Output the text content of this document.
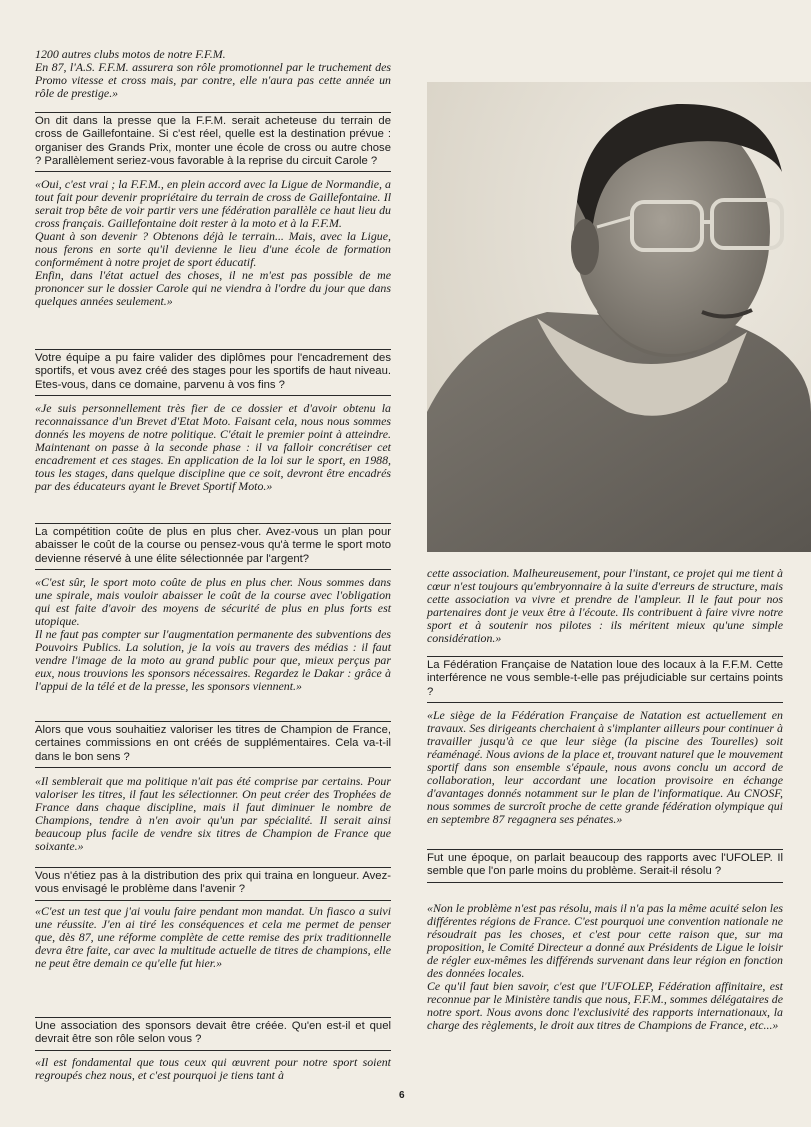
1200 autres clubs motos de notre F.F.M.
En 87, l'A.S. F.F.M. assurera son rôle promotionnel par le truchement des Promo vitesse et cross mais, par contre, elle n'aura pas cette année un rôle de prestige.»
On dit dans la presse que la F.F.M. serait acheteuse du terrain de cross de Gaillefontaine. Si c'est réel, quelle est la destination prévue : organiser des Grands Prix, monter une école de cross ou autre chose ? Parallèlement seriez-vous favorable à la reprise du circuit Carole ?
«Oui, c'est vrai ; la F.F.M., en plein accord avec la Ligue de Normandie, a tout fait pour devenir propriétaire du terrain de cross de Gaillefontaine. Il serait trop bête de voir partir vers une fédération parallèle ce haut lieu du cross français. Gaillefontaine doit rester à la moto et à la F.F.M.
Quant à son devenir ? Obtenons déjà le terrain... Mais, avec la Ligue, nous ferons en sorte qu'il devienne le lieu d'une école de formation conformément à notre projet de sport éducatif.
Enfin, dans l'état actuel des choses, il ne m'est pas possible de me prononcer sur le dossier Carole qui ne viendra à l'ordre du jour que dans quelques années seulement.»
Votre équipe a pu faire valider des diplômes pour l'encadrement des sportifs, et vous avez créé des stages pour les sportifs de haut niveau. Etes-vous, dans ce domaine, parvenu à vos fins ?
«Je suis personnellement très fier de ce dossier et d'avoir obtenu la reconnaissance d'un Brevet d'Etat Moto. Faisant cela, nous nous sommes donnés les moyens de notre politique. C'était le premier point à atteindre. Maintenant on passe à la seconde phase : il va falloir concrétiser cet encadrement et ces stages. En application de la loi sur le sport, en 1988, tous les stages, dans quelque discipline que ce soit, devront être encadrés par des éducateurs ayant le Brevet Sportif Moto.»
La compétition coûte de plus en plus cher. Avez-vous un plan pour abaisser le coût de la course ou pensez-vous qu'à terme le sport moto devienne réservé à une élite sélectionnée par l'argent?
«C'est sûr, le sport moto coûte de plus en plus cher. Nous sommes dans une spirale, mais vouloir abaisser le coût de la course avec l'obligation qui est faite d'avoir des moyens de sécurité de plus en plus forts est utopique.
Il ne faut pas compter sur l'augmentation permanente des subventions des Pouvoirs Publics. La solution, je la vois au travers des médias : il faut vendre l'image de la moto au grand public pour que, mieux perçus par eux, nous trouvions les sponsors nécessaires. Regardez le Dakar : grâce à l'appui de la télé et de la presse, les sponsors viennent.»
Alors que vous souhaitiez valoriser les titres de Champion de France, certaines commissions en ont créés de supplémentaires. Cela va-t-il dans le bon sens ?
«Il semblerait que ma politique n'ait pas été comprise par certains. Pour valoriser les titres, il faut les sélectionner. On peut créer des Trophées de France dans chaque discipline, mais il faut diminuer le nombre de Champions, tendre à n'en avoir qu'un par spécialité. Il serait ainsi beaucoup plus facile de vendre six titres de Champion de France que soixante.»
Vous n'étiez pas à la distribution des prix qui traina en longueur. Avez-vous envisagé le problème dans l'avenir ?
«C'est un test que j'ai voulu faire pendant mon mandat. Un fiasco a suivi une réussite. J'en ai tiré les conséquences et cela me permet de penser que, dès 87, une réforme complète de cette remise des prix traditionnelle devra être faite, car avec la multitude actuelle de titres de champions, elle ne peut être demain ce qu'elle fut hier.»
Une association des sponsors devait être créée. Qu'en est-il et quel devrait être son rôle selon vous ?
«Il est fondamental que tous ceux qui œuvrent pour notre sport soient regroupés chez nous, et c'est pourquoi je tiens tant à
cette association. Malheureusement, pour l'instant, ce projet qui me tient à cœur n'est toujours qu'embryonnaire à la suite d'erreurs de structure, mais cette association va vivre et prendre de l'ampleur. Il le faut pour nos partenaires dont je veux être à l'écoute. Ils contribuent à faire vivre notre sport et à soutenir nos pilotes : ils méritent mieux qu'une simple considération.»
La Fédération Française de Natation loue des locaux à la F.F.M. Cette interférence ne vous semble-t-elle pas préjudiciable sur certains points ?
«Le siège de la Fédération Française de Natation est actuellement en travaux. Ses dirigeants cherchaient à s'implanter ailleurs pour continuer à travailler jusqu'à ce que leur siège (la piscine des Tourelles) soit réaménagé. Nous avions de la place et, trouvant naturel que le mouvement sportif dans son ensemble s'épaule, nous avons conclu un accord de collaboration, leur accordant une location provisoire en échange d'avantages donnés notamment sur le plan de l'informatique. Au CNOSF, nous sommes de surcroît proche de cette grande fédération olympique qui en septembre 87 regagnera ses pénates.»
Fut une époque, on parlait beaucoup des rapports avec l'UFOLEP. Il semble que l'on parle moins du problème. Serait-il résolu ?
«Non le problème n'est pas résolu, mais il n'a pas la même acuité selon les différentes régions de France. C'est pourquoi une convention nationale ne résoudrait pas les choses, et c'est pour cette raison que, sur ma proposition, le Comité Directeur a donné aux Présidents de Ligue le loisir de régler eux-mêmes les différends survenant dans leur région en fonction des données locales.
Ce qu'il faut bien savoir, c'est que l'UFOLEP, Fédération affinitaire, est reconnue par le Ministère tandis que nous, F.F.M., sommes délégataires de notre sport. Nous avons donc l'exclusivité des rapports internationaux, la charge des règlements, le droit aux titres de Champions de France, etc...»
6
